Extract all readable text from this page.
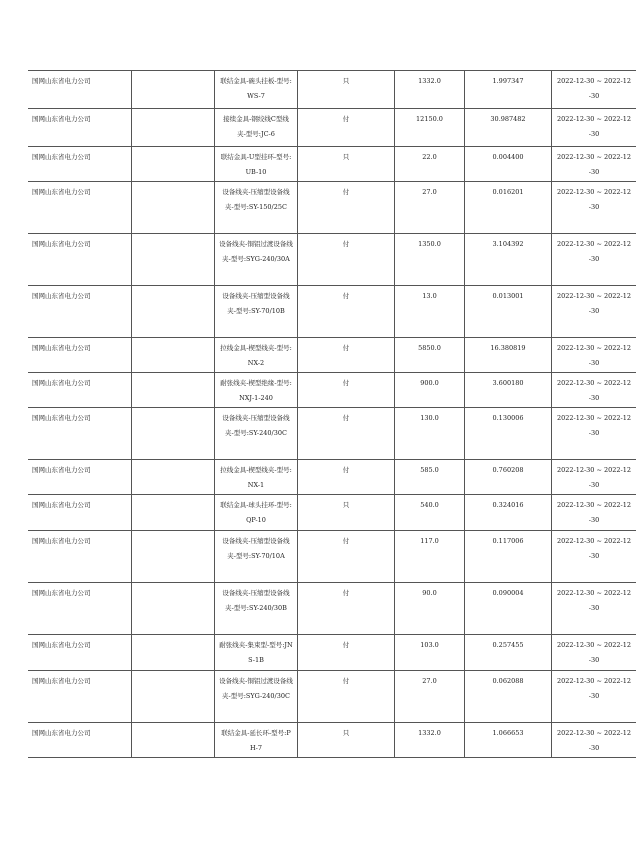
国网山东省电力公司		联结金具-碗头挂板-型号:WS-7	只	1332.0	1.997347	2022-12-30 ~ 2022-12-30
国网山东省电力公司		接续金具-钢绞线C型线夹-型号:JC-6	付	12150.0	30.987482	2022-12-30 ~ 2022-12-30
国网山东省电力公司		联结金具-U型挂环-型号:UB-10	只	22.0	0.004400	2022-12-30 ~ 2022-12-30
国网山东省电力公司		设备线夹-压缩型设备线夹-型号:SY-150/25C	付	27.0	0.016201	2022-12-30 ~ 2022-12-30
国网山东省电力公司		设备线夹-铜铝过渡设备线夹-型号:SYG-240/30A	付	1350.0	3.104392	2022-12-30 ~ 2022-12-30
国网山东省电力公司		设备线夹-压缩型设备线夹-型号:SY-70/10B	付	13.0	0.013001	2022-12-30 ~ 2022-12-30
国网山东省电力公司		拉线金具-楔型线夹-型号:NX-2	付	5850.0	16.380819	2022-12-30 ~ 2022-12-30
国网山东省电力公司		耐张线夹-楔型绝缘-型号:NXJ-1-240	付	900.0	3.600180	2022-12-30 ~ 2022-12-30
国网山东省电力公司		设备线夹-压缩型设备线夹-型号:SY-240/30C	付	130.0	0.130006	2022-12-30 ~ 2022-12-30
国网山东省电力公司		拉线金具-楔型线夹-型号:NX-1	付	585.0	0.760208	2022-12-30 ~ 2022-12-30
国网山东省电力公司		联结金具-球头挂环-型号:QP-10	只	540.0	0.324016	2022-12-30 ~ 2022-12-30
国网山东省电力公司		设备线夹-压缩型设备线夹-型号:SY-70/10A	付	117.0	0.117006	2022-12-30 ~ 2022-12-30
国网山东省电力公司		设备线夹-压缩型设备线夹-型号:SY-240/30B	付	90.0	0.090004	2022-12-30 ~ 2022-12-30
国网山东省电力公司		耐张线夹-集束型-型号:JNS-1B	付	103.0	0.257455	2022-12-30 ~ 2022-12-30
国网山东省电力公司		设备线夹-铜铝过渡设备线夹-型号:SYG-240/30C	付	27.0	0.062088	2022-12-30 ~ 2022-12-30
国网山东省电力公司		联结金具-延长环-型号:PH-7	只	1332.0	1.066653	2022-12-30 ~ 2022-12-30
